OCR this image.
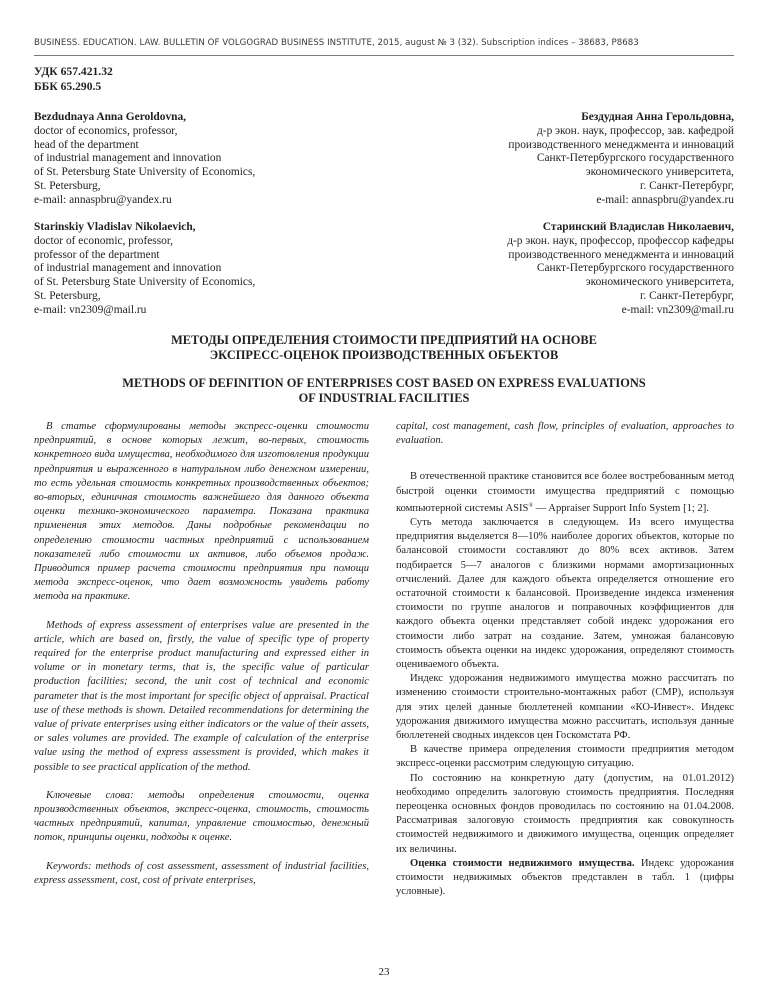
BUSINESS. EDUCATION. LAW. BULLETIN OF VOLGOGRAD BUSINESS INSTITUTE, 2015, august № 3 (32). Subscription indices – 38683, P8683
УДК 657.421.32
ББК 65.290.5
Bezdudnaya Anna Geroldovna,
doctor of economics, professor,
head of the department
of industrial management and innovation
of St. Petersburg State University of Economics,
St. Petersburg,
e-mail: annaspbru@yandex.ru
Бездудная Анна Герольдовна,
д-р экон. наук, профессор, зав. кафедрой
производственного менеджмента и инноваций
Санкт-Петербургского государственного
экономического университета,
г. Санкт-Петербург,
e-mail: annaspbru@yandex.ru
Starinskiy Vladislav Nikolaevich,
doctor of economic, professor,
professor of the department
of industrial management and innovation
of St. Petersburg State University of Economics,
St. Petersburg,
e-mail: vn2309@mail.ru
Старинский Владислав Николаевич,
д-р экон. наук, профессор, профессор кафедры
производственного менеджмента и инноваций
Санкт-Петербургского государственного
экономического университета,
г. Санкт-Петербург,
e-mail: vn2309@mail.ru
МЕТОДЫ ОПРЕДЕЛЕНИЯ СТОИМОСТИ ПРЕДПРИЯТИЙ НА ОСНОВЕ
ЭКСПРЕСС-ОЦЕНОК ПРОИЗВОДСТВЕННЫХ ОБЪЕКТОВ
METHODS OF DEFINITION OF ENTERPRISES COST BASED ON EXPRESS EVALUATIONS
OF INDUSTRIAL FACILITIES

В статье сформулированы методы экспресс-оценки стоимости предприятий, в основе которых лежит, во-первых, стоимость конкретного вида имущества, необходимого для изготовления продукции предприятия и выраженного в натуральном либо денежном измерении, то есть удельная стоимость конкретных производственных объектов; во-вторых, единичная стоимость важнейшего для данного объекта оценки технико-экономического параметра. Показана практика применения этих методов. Даны подробные рекомендации по определению стоимости частных предприятий с использованием показателей либо стоимости их активов, либо объемов продаж. Приводится пример расчета стоимости предприятия при помощи метода экспресс-оценок, что дает возможность увидеть работу метода на практике.

Methods of express assessment of enterprises value are presented in the article, which are based on, firstly, the value of specific type of property required for the enterprise product manufacturing and expressed either in volume or in monetary terms, that is, the specific value of particular production facilities; second, the unit cost of technical and economic parameter that is the most important for specific object of appraisal. Practical use of these methods is shown. Detailed recommendations for determining the value of private enterprises using either indicators or the value of their assets, or sales volumes are provided. The example of calculation of the enterprise value using the method of express assessment is provided, which makes it possible to see practical application of the method.

Ключевые слова: методы определения стоимости, оценка производственных объектов, экспресс-оценка, стоимость, стоимость частных предприятий, капитал, управление стоимостью, денежный поток, принципы оценки, подходы к оценке.

Keywords: methods of cost assessment, assessment of industrial facilities, express assessment, cost, cost of private enterprises,

capital, cost management, cash flow, principles of evaluation, approaches to evaluation.

В отечественной практике становится все более востребованным метод быстрой оценки стоимости имущества предприятий с помощью компьютерной системы ASIS® — Appraiser Support Info System [1; 2].

Суть метода заключается в следующем. Из всего имущества предприятия выделяется 8—10% наиболее дорогих объектов, которые по балансовой стоимости составляют до 80% всех активов. Затем подбирается 5—7 аналогов с близкими нормами амортизационных отчислений. Далее для каждого объекта определяется отношение его остаточной стоимости к балансовой. Произведение индекса изменения стоимости по группе аналогов и поправочных коэффициентов для каждого объекта оценки представляет собой индекс удорожания его стоимости либо затрат на создание. Затем, умножая балансовую стоимость объекта оценки на индекс удорожания, определяют стоимость оцениваемого объекта.

Индекс удорожания недвижимого имущества можно рассчитать по изменению стоимости строительно-монтажных работ (СМР), используя для этих целей данные бюллетеней компании «КО-Инвест». Индекс удорожания движимого имущества можно рассчитать, используя данные бюллетеней сводных индексов цен Госкомстата РФ.

В качестве примера определения стоимости предприятия методом экспресс-оценки рассмотрим следующую ситуацию.

По состоянию на конкретную дату (допустим, на 01.01.2012) необходимо определить залоговую стоимость предприятия. Последняя переоценка основных фондов проводилась по состоянию на 01.04.2008. Рассматривая залоговую стоимость предприятия как совокупность стоимостей недвижимого и движимого имущества, оценщик определяет их величины.

Оценка стоимости недвижимого имущества. Индекс удорожания стоимости недвижимых объектов представлен в табл. 1 (цифры условные).

23
